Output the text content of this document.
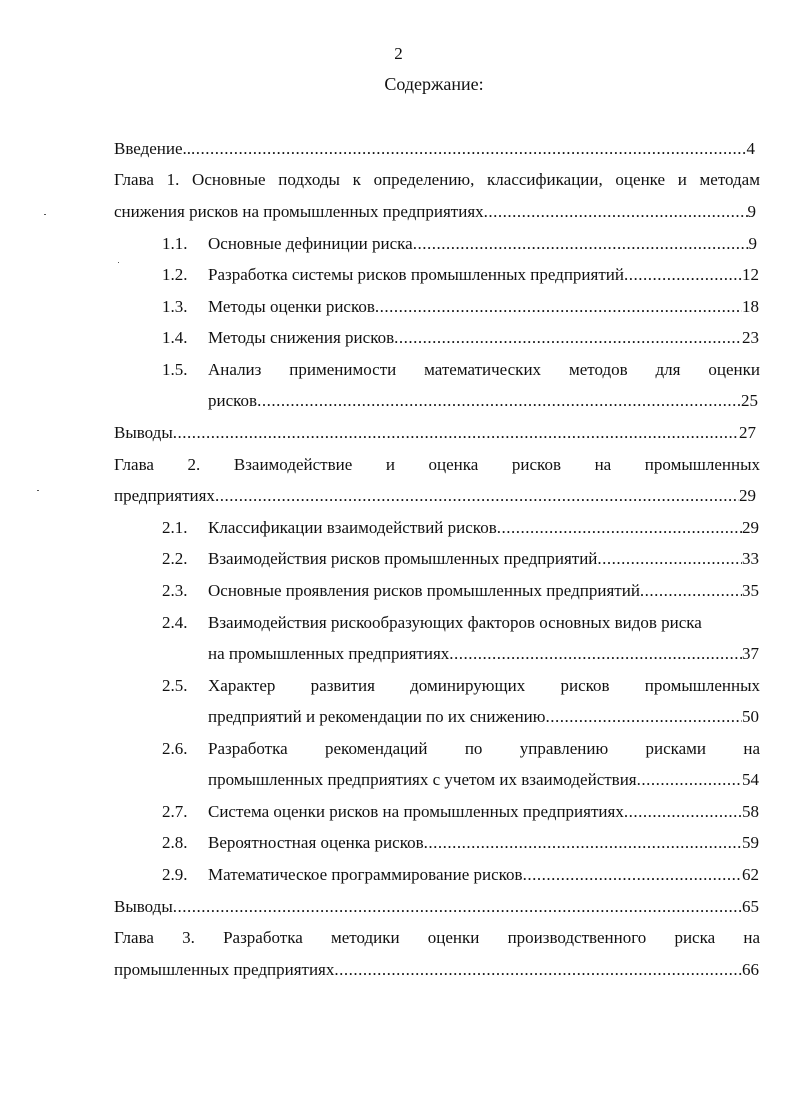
2
Содержание:
Введение.. .....	4
Глава 1. Основные подходы к определению, классификации, оценке и методам
снижения рисков на промышленных предприятиях .....	9
1.1. Основные дефиниции риска .....	9
1.2. Разработка системы рисков промышленных предприятий .....	12
1.3. Методы оценки рисков .....	18
1.4. Методы снижения рисков .....	23
1.5. Анализ применимости математических методов для оценки
рисков .....	25
Выводы .....	27
Глава 2. Взаимодействие и оценка рисков на промышленных
предприятиях .....	29
2.1. Классификации взаимодействий рисков .....	29
2.2. Взаимодействия рисков промышленных предприятий .....	33
2.3. Основные проявления рисков промышленных предприятий .....	35
2.4. Взаимодействия рискообразующих факторов основных видов риска
на промышленных предприятиях .....	37
2.5. Характер развития доминирующих рисков промышленных
предприятий и рекомендации по их снижению .....	50
2.6. Разработка рекомендаций по управлению рисками на
промышленных предприятиях с учетом их взаимодействия .....	54
2.7. Система оценки рисков на промышленных предприятиях .....	58
2.8. Вероятностная оценка рисков .....	59
2.9. Математическое программирование рисков .....	62
Выводы .....	65
Глава 3. Разработка методики оценки производственного риска на
промышленных предприятиях .....	66
